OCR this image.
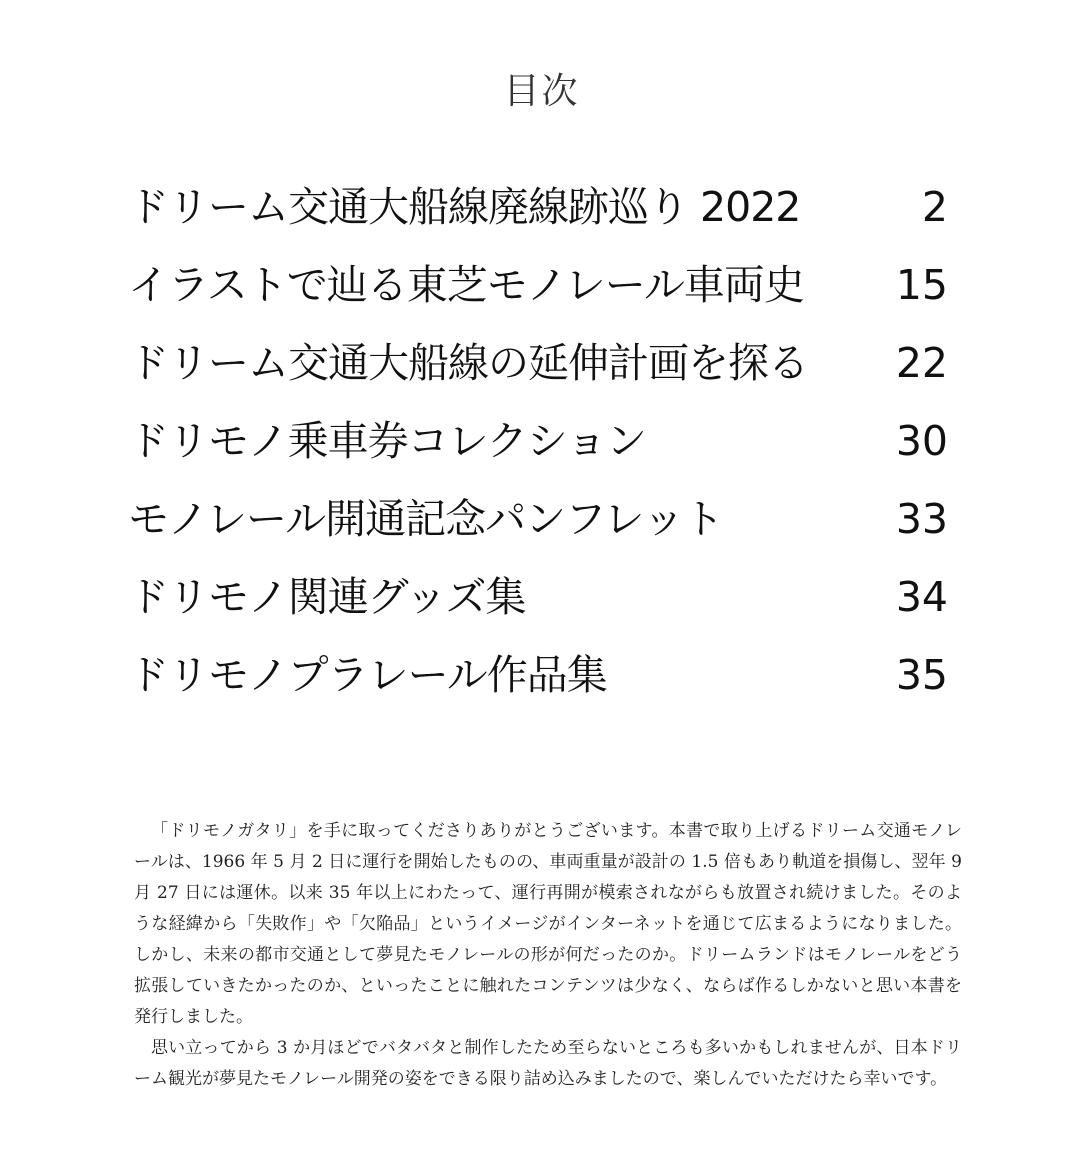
目次
ドリーム交通大船線廃線跡巡り 2022	2
イラストで辿る東芝モノレール車両史	15
ドリーム交通大船線の延伸計画を探る	22
ドリモノ乗車券コレクション	30
モノレール開通記念パンフレット	33
ドリモノ関連グッズ集	34
ドリモノプラレール作品集	35

「ドリモノガタリ」を手に取ってくださりありがとうございます。本書で取り上げるドリーム交通モノレールは、1966 年 5 月 2 日に運行を開始したものの、車両重量が設計の 1.5 倍もあり軌道を損傷し、翌年 9 月 27 日には運休。以来 35 年以上にわたって、運行再開が模索されながらも放置され続けました。そのような経緯から「失敗作」や「欠陥品」というイメージがインターネットを通じて広まるようになりました。しかし、未来の都市交通として夢見たモノレールの形が何だったのか。ドリームランドはモノレールをどう拡張していきたかったのか、といったことに触れたコンテンツは少なく、ならば作るしかないと思い本書を発行しました。

思い立ってから 3 か月ほどでバタバタと制作したため至らないところも多いかもしれませんが、日本ドリーム観光が夢見たモノレール開発の姿をできる限り詰め込みましたので、楽しんでいただけたら幸いです。
